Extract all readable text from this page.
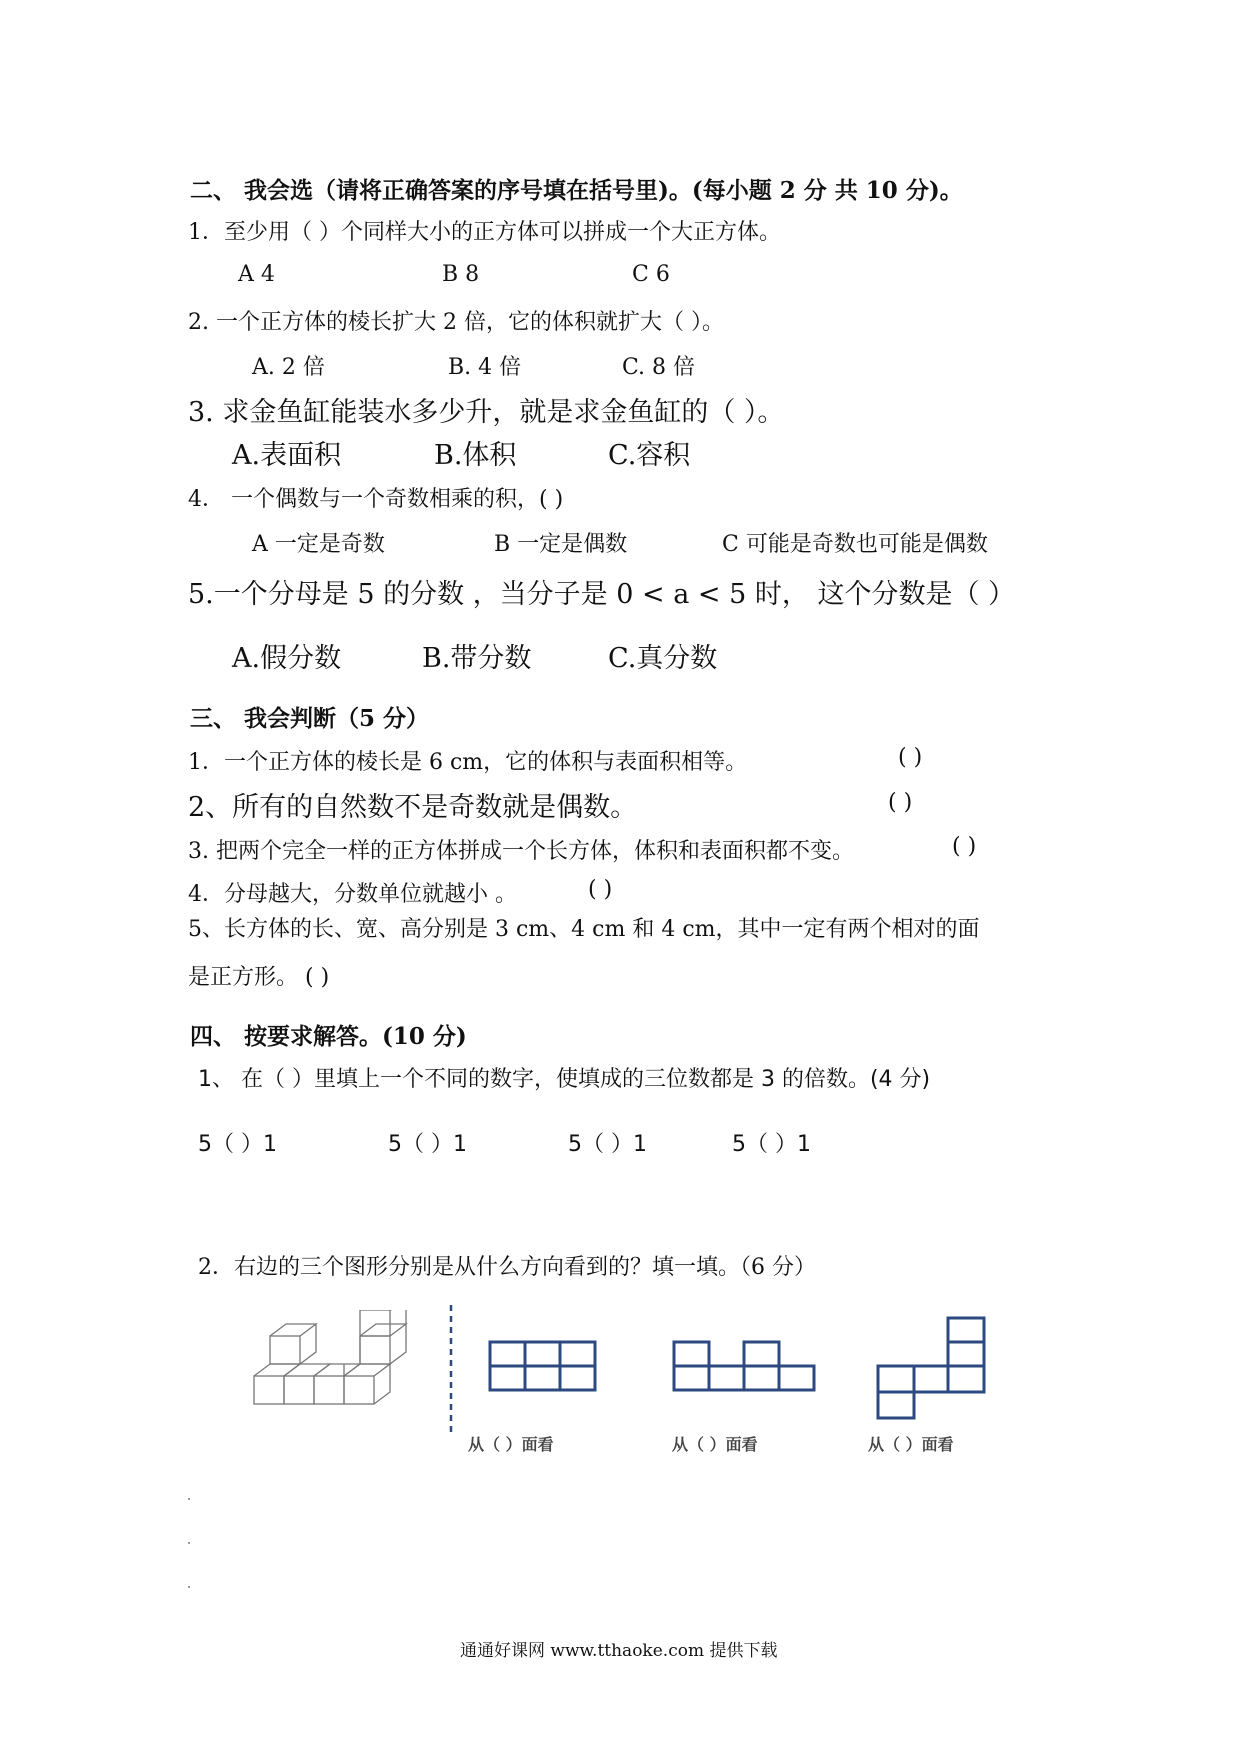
二、 我会选（请将正确答案的序号填在括号里)。(每小题 2 分 共 10 分)。
1．至少用（ ）个同样大小的正方体可以拼成一个大正方体。
A 4	B 8	C 6
2. 一个正方体的棱长扩大 2 倍，它的体积就扩大（ ）。
A. 2 倍	B. 4 倍	C. 8 倍
3. 求金鱼缸能装水多少升，就是求金鱼缸的（ ）。
A.表面积	B.体积	C.容积
4． 一个偶数与一个奇数相乘的积，( )
A 一定是奇数	B 一定是偶数	C 可能是奇数也可能是偶数
5.一个分母是 5 的分数 ，当分子是 0 < a < 5 时， 这个分数是（ ）
A.假分数	B.带分数	C.真分数
三、 我会判断（5 分）
1．一个正方体的棱长是 6 cm，它的体积与表面积相等。	( )
2、所有的自然数不是奇数就是偶数。	( )
3. 把两个完全一样的正方体拼成一个长方体，体积和表面积都不变。	( )
4．分母越大，分数单位就越小 。	( )
5、长方体的长、宽、高分别是 3 cm、4 cm 和 4 cm，其中一定有两个相对的面
是正方形。 ( )
四、 按要求解答。(10 分)
1、 在（ ）里填上一个不同的数字，使填成的三位数都是 3 的倍数。(4 分)
5（ ）1	5（ ）1	5（ ）1	5（ ）1
2．右边的三个图形分别是从什么方向看到的？填一填。（6 分）
从（ ）面看	从（ ）面看	从（ ）面看
通通好课网 www.tthaoke.com 提供下载
